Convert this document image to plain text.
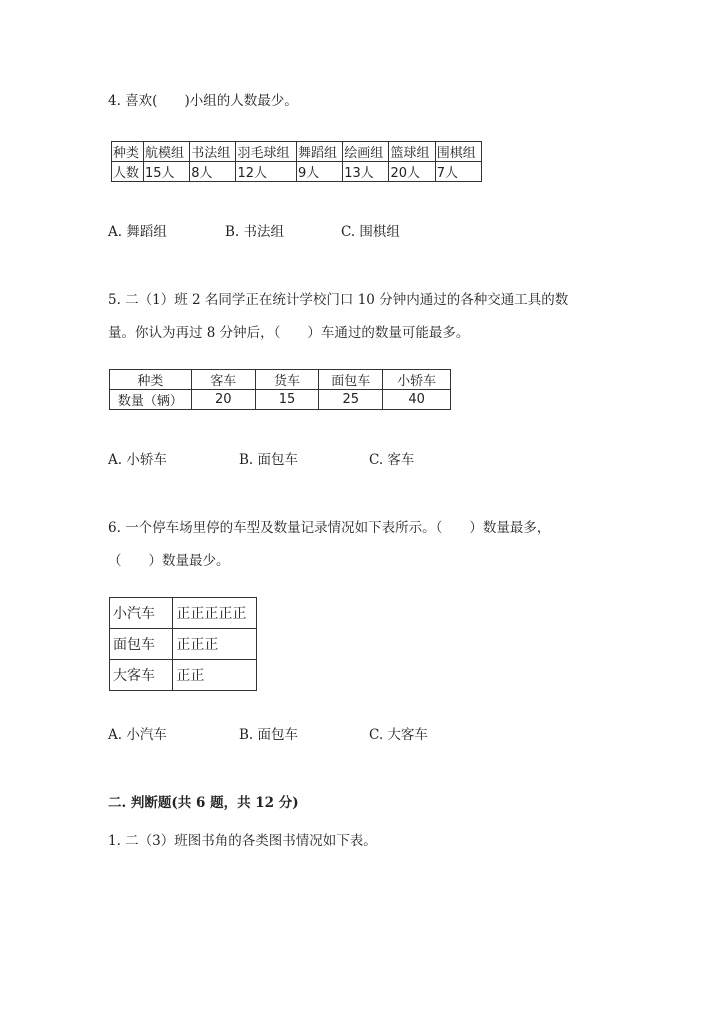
4. 喜欢(　　)小组的人数最少。
种类	航模组	书法组	羽毛球组	舞蹈组	绘画组	篮球组	围棋组
人数	15人	8人	12人	9人	13人	20人	7人
A. 舞蹈组	B. 书法组	C. 围棋组
5. 二（1）班 2 名同学正在统计学校门口 10 分钟内通过的各种交通工具的数
量。你认为再过 8 分钟后，（　　）车通过的数量可能最多。
种类	客车	货车	面包车	小轿车
数量（辆）	20	15	25	40
A. 小轿车	B. 面包车	C. 客车
6. 一个停车场里停的车型及数量记录情况如下表所示。（　　）数量最多，
（　　）数量最少。
小汽车	正正正正正
面包车	正正正
大客车	正正
A. 小汽车	B. 面包车	C. 大客车
二. 判断题(共 6 题，共 12 分)
1. 二（3）班图书角的各类图书情况如下表。
